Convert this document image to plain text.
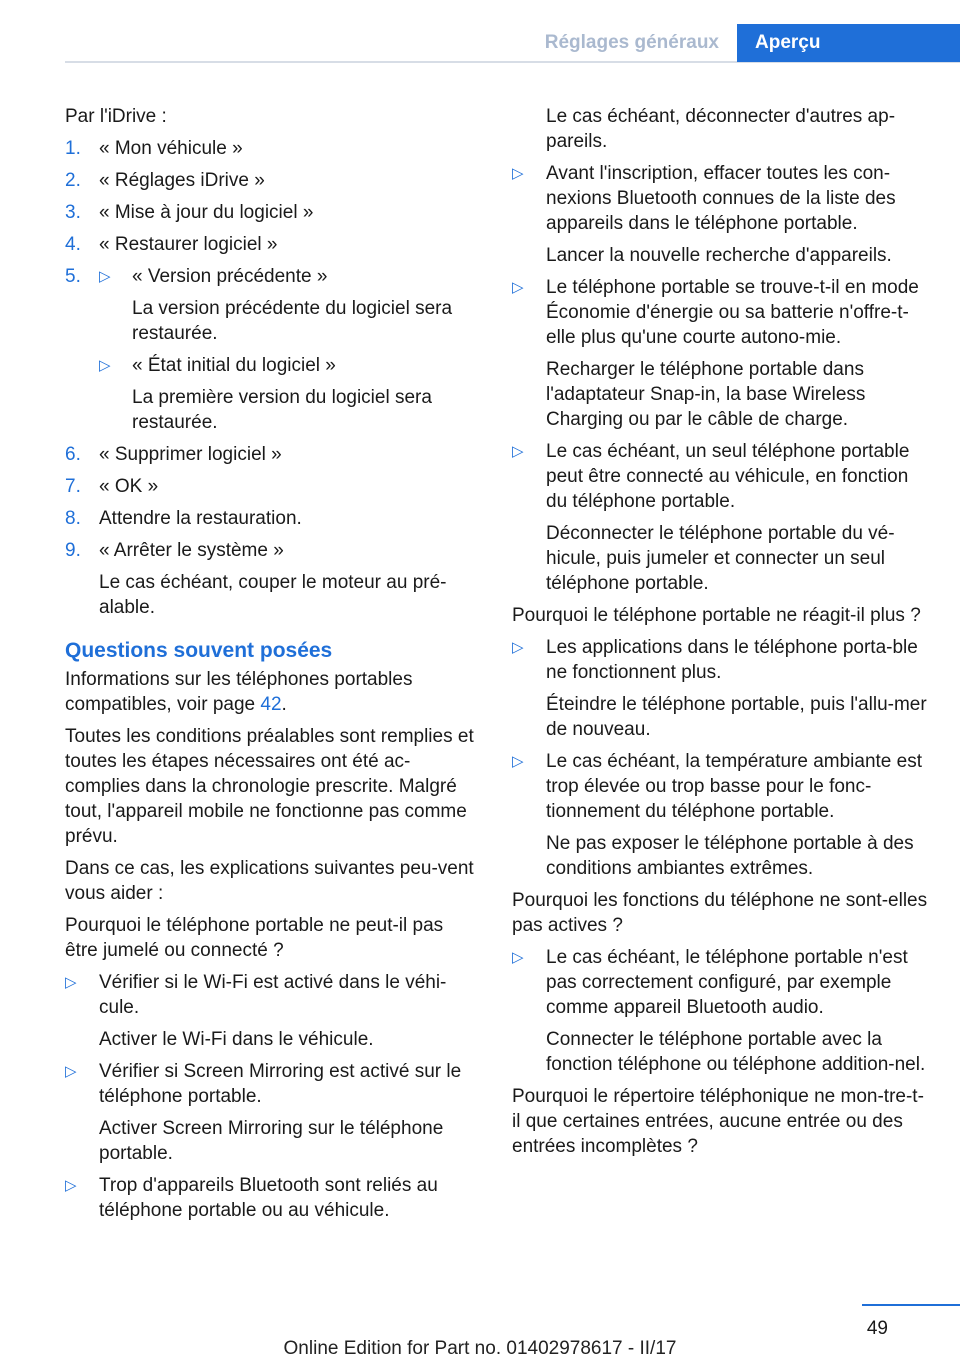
Réglages généraux	Aperçu

Par l'iDrive :

1. « Mon véhicule »
2. « Réglages iDrive »
3. « Mise à jour du logiciel »
4. « Restaurer logiciel »
5. ▷ « Version précédente »
La version précédente du logiciel sera restaurée.
▷ « État initial du logiciel »
La première version du logiciel sera restaurée.
6. « Supprimer logiciel »
7. « OK »
8. Attendre la restauration.
9. « Arrêter le système »
Le cas échéant, couper le moteur au pré‐alable.
Questions souvent posées

Informations sur les téléphones portables compatibles, voir page 42.

Toutes les conditions préalables sont remplies et toutes les étapes nécessaires ont été ac‐complies dans la chronologie prescrite. Malgré tout, l'appareil mobile ne fonctionne pas comme prévu.

Dans ce cas, les explications suivantes peu‐vent vous aider :

Pourquoi le téléphone portable ne peut-il pas être jumelé ou connecté ?

▷ Vérifier si le Wi-Fi est activé dans le véhi‐cule.
Activer le Wi-Fi dans le véhicule.
▷ Vérifier si Screen Mirroring est activé sur le téléphone portable.
Activer Screen Mirroring sur le téléphone portable.
▷ Trop d'appareils Bluetooth sont reliés au téléphone portable ou au véhicule.
Le cas échéant, déconnecter d'autres ap‐pareils.
▷ Avant l'inscription, effacer toutes les con‐nexions Bluetooth connues de la liste des appareils dans le téléphone portable.
Lancer la nouvelle recherche d'appareils.
▷ Le téléphone portable se trouve-t-il en mode Économie d'énergie ou sa batterie n'offre-t-elle plus qu'une courte autono‐mie.
Recharger le téléphone portable dans l'adaptateur Snap-in, la base Wireless Charging ou par le câble de charge.
▷ Le cas échéant, un seul téléphone portable peut être connecté au véhicule, en fonction du téléphone portable.
Déconnecter le téléphone portable du vé‐hicule, puis jumeler et connecter un seul téléphone portable.

Pourquoi le téléphone portable ne réagit-il plus ?

▷ Les applications dans le téléphone porta‐ble ne fonctionnent plus.
Éteindre le téléphone portable, puis l'allu‐mer de nouveau.
▷ Le cas échéant, la température ambiante est trop élevée ou trop basse pour le fonc‐tionnement du téléphone portable.
Ne pas exposer le téléphone portable à des conditions ambiantes extrêmes.

Pourquoi les fonctions du téléphone ne sont-elles pas actives ?

▷ Le cas échéant, le téléphone portable n'est pas correctement configuré, par exemple comme appareil Bluetooth audio.
Connecter le téléphone portable avec la fonction téléphone ou téléphone addition‐nel.

Pourquoi le répertoire téléphonique ne mon‐tre-t-il que certaines entrées, aucune entrée ou des entrées incomplètes ?

49
Online Edition for Part no. 01402978617 - II/17
